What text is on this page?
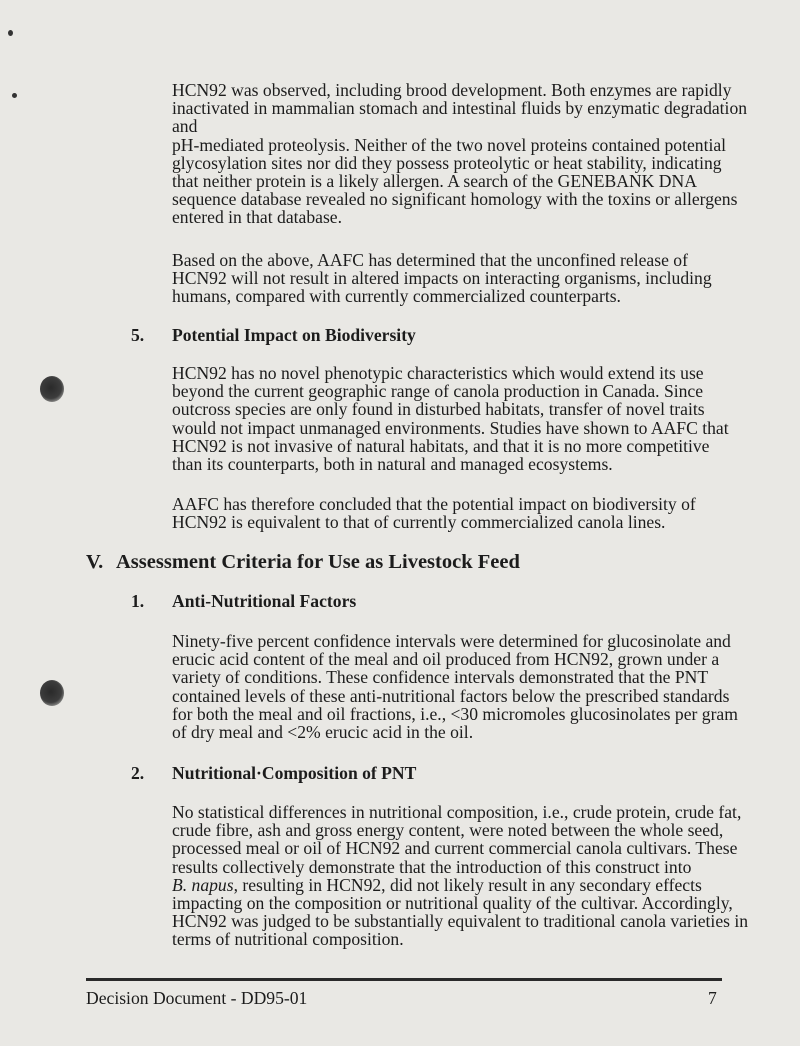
HCN92 was observed, including brood development. Both enzymes are rapidly
inactivated in mammalian stomach and intestinal fluids by enzymatic degradation
and
pH-mediated proteolysis. Neither of the two novel proteins contained potential
glycosylation sites nor did they possess proteolytic or heat stability, indicating
that neither protein is a likely allergen. A search of the GENEBANK DNA
sequence database revealed no significant homology with the toxins or allergens
entered in that database.
Based on the above, AAFC has determined that the unconfined release of
HCN92 will not result in altered impacts on interacting organisms, including
humans, compared with currently commercialized counterparts.
5. Potential Impact on Biodiversity
HCN92 has no novel phenotypic characteristics which would extend its use
beyond the current geographic range of canola production in Canada. Since
outcross species are only found in disturbed habitats, transfer of novel traits
would not impact unmanaged environments. Studies have shown to AAFC that
HCN92 is not invasive of natural habitats, and that it is no more competitive
than its counterparts, both in natural and managed ecosystems.
AAFC has therefore concluded that the potential impact on biodiversity of
HCN92 is equivalent to that of currently commercialized canola lines.
V. Assessment Criteria for Use as Livestock Feed
1. Anti-Nutritional Factors
Ninety-five percent confidence intervals were determined for glucosinolate and
erucic acid content of the meal and oil produced from HCN92, grown under a
variety of conditions. These confidence intervals demonstrated that the PNT
contained levels of these anti-nutritional factors below the prescribed standards
for both the meal and oil fractions, i.e., <30 micromoles glucosinolates per gram
of dry meal and <2% erucic acid in the oil.
2. Nutritional·Composition of PNT
No statistical differences in nutritional composition, i.e., crude protein, crude fat,
crude fibre, ash and gross energy content, were noted between the whole seed,
processed meal or oil of HCN92 and current commercial canola cultivars. These
results collectively demonstrate that the introduction of this construct into
B. napus, resulting in HCN92, did not likely result in any secondary effects
impacting on the composition or nutritional quality of the cultivar. Accordingly,
HCN92 was judged to be substantially equivalent to traditional canola varieties in
terms of nutritional composition.
Decision Document - DD95-01	7
